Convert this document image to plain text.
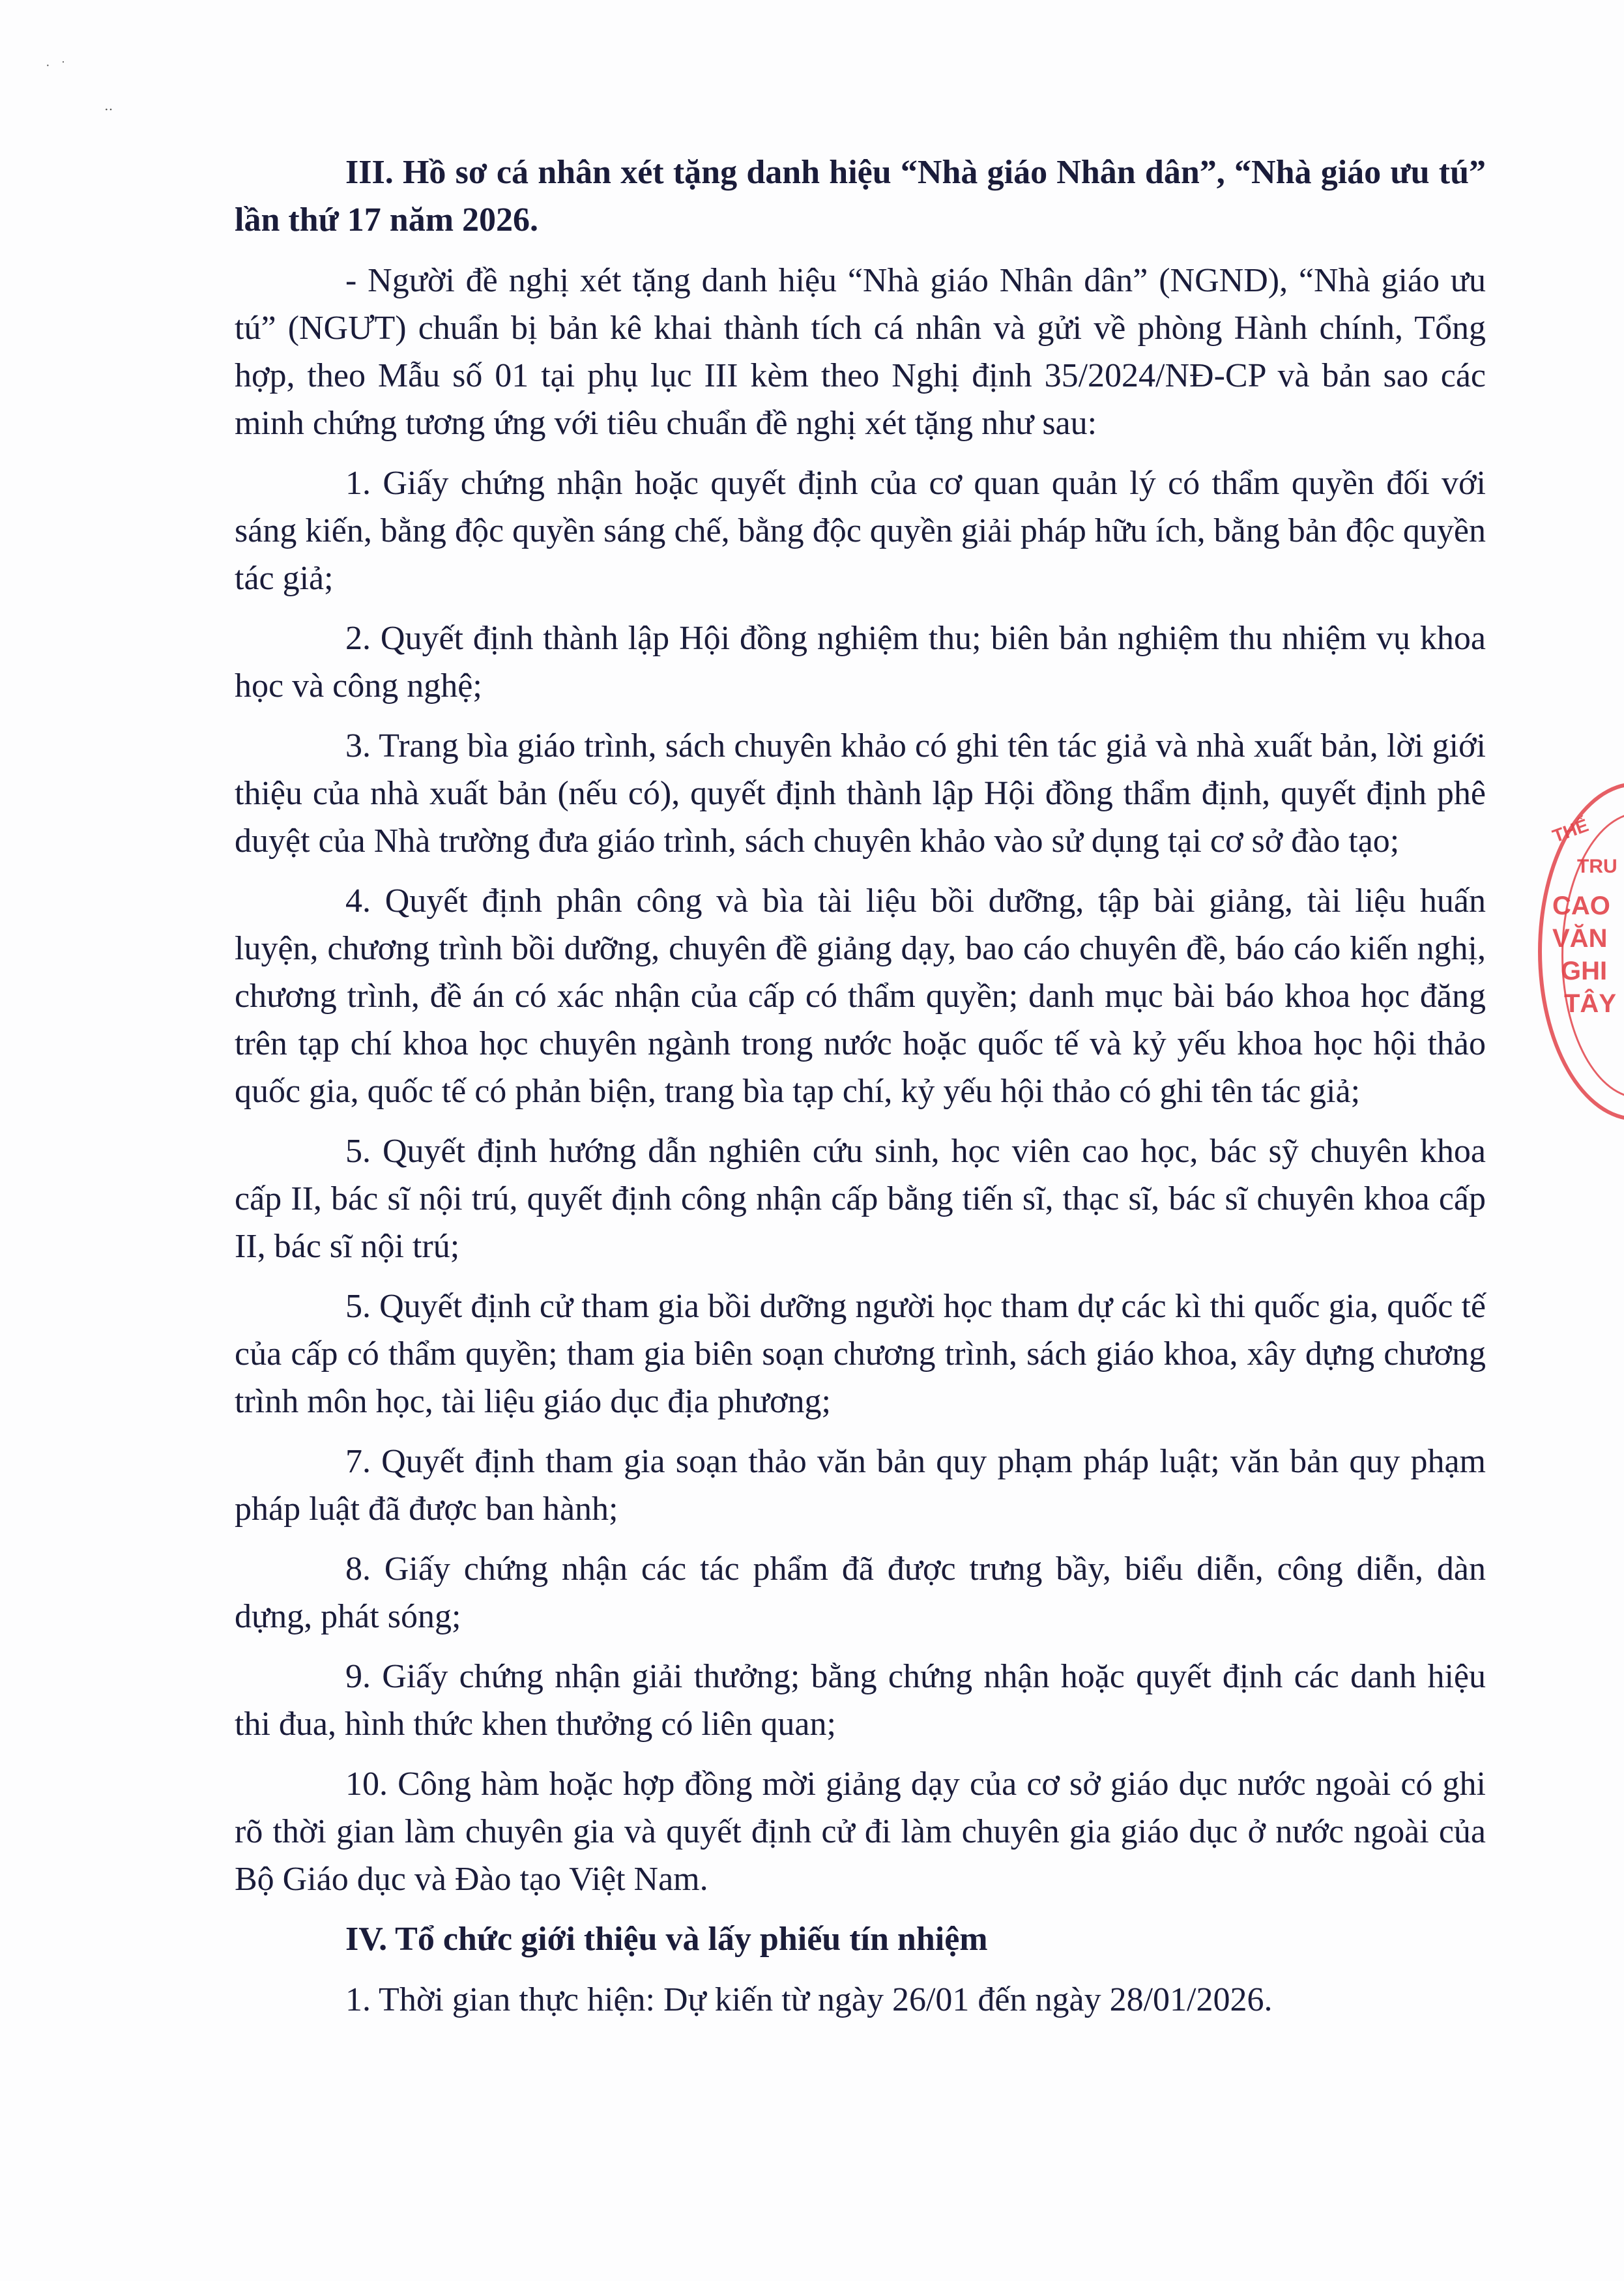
· ˙
‥

III. Hồ sơ cá nhân xét tặng danh hiệu “Nhà giáo Nhân dân”, “Nhà giáo ưu tú” lần thứ 17 năm 2026.

- Người đề nghị xét tặng danh hiệu “Nhà giáo Nhân dân” (NGND), “Nhà giáo ưu tú” (NGƯT) chuẩn bị bản kê khai thành tích cá nhân và gửi về phòng Hành chính, Tổng hợp, theo Mẫu số 01 tại phụ lục III kèm theo Nghị định 35/2024/NĐ-CP và bản sao các minh chứng tương ứng với tiêu chuẩn đề nghị xét tặng như sau:

1. Giấy chứng nhận hoặc quyết định của cơ quan quản lý có thẩm quyền đối với sáng kiến, bằng độc quyền sáng chế, bằng độc quyền giải pháp hữu ích, bằng bản độc quyền tác giả;

2. Quyết định thành lập Hội đồng nghiệm thu; biên bản nghiệm thu nhiệm vụ khoa học và công nghệ;

3. Trang bìa giáo trình, sách chuyên khảo có ghi tên tác giả và nhà xuất bản, lời giới thiệu của nhà xuất bản (nếu có), quyết định thành lập Hội đồng thẩm định, quyết định phê duyệt của Nhà trường đưa giáo trình, sách chuyên khảo vào sử dụng tại cơ sở đào tạo;

4. Quyết định phân công và bìa tài liệu bồi dưỡng, tập bài giảng, tài liệu huấn luyện, chương trình bồi dưỡng, chuyên đề giảng dạy, bao cáo chuyên đề, báo cáo kiến nghị, chương trình, đề án có xác nhận của cấp có thẩm quyền; danh mục bài báo khoa học đăng trên tạp chí khoa học chuyên ngành trong nước hoặc quốc tế và kỷ yếu khoa học hội thảo quốc gia, quốc tế có phản biện, trang bìa tạp chí, kỷ yếu hội thảo có ghi tên tác giả;

5. Quyết định hướng dẫn nghiên cứu sinh, học viên cao học, bác sỹ chuyên khoa cấp II, bác sĩ nội trú, quyết định công nhận cấp bằng tiến sĩ, thạc sĩ, bác sĩ chuyên khoa cấp II, bác sĩ nội trú;

5. Quyết định cử tham gia bồi dưỡng người học tham dự các kì thi quốc gia, quốc tế của cấp có thẩm quyền; tham gia biên soạn chương trình, sách giáo khoa, xây dựng chương trình môn học, tài liệu giáo dục địa phương;

7. Quyết định tham gia soạn thảo văn bản quy phạm pháp luật; văn bản quy phạm pháp luật đã được ban hành;

8. Giấy chứng nhận các tác phẩm đã được trưng bầy, biểu diễn, công diễn, dàn dựng, phát sóng;

9. Giấy chứng nhận giải thưởng; bằng chứng nhận hoặc quyết định các danh hiệu thi đua, hình thức khen thưởng có liên quan;

10. Công hàm hoặc hợp đồng mời giảng dạy của cơ sở giáo dục nước ngoài có ghi rõ thời gian làm chuyên gia và quyết định cử đi làm chuyên gia giáo dục ở nước ngoài của Bộ Giáo dục và Đào tạo Việt Nam.

IV. Tổ chức giới thiệu và lấy phiếu tín nhiệm

1. Thời gian thực hiện: Dự kiến từ ngày 26/01 đến ngày 28/01/2026.

THẾ
TRU
CAO
VĂN
GHI
TÂY
